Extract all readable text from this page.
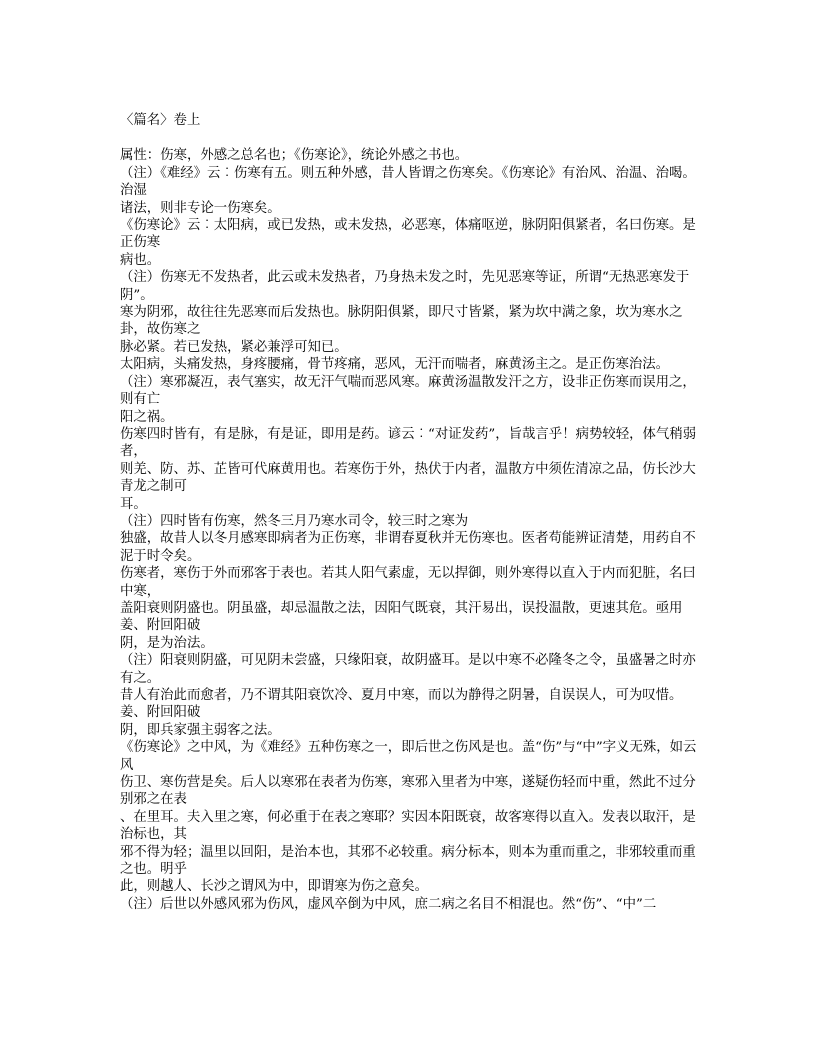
〈篇名〉卷上

属性：伤寒，外感之总名也；《伤寒论》，统论外感之书也。

（注）《难经》云︰伤寒有五。则五种外感，昔人皆谓之伤寒矣。《伤寒论》有治风、治温、治喝。治湿

诸法，则非专论一伤寒矣。

《伤寒论》云︰太阳病，或已发热，或未发热，必恶寒，体痛呕逆，脉阴阳俱紧者，名曰伤寒。是正伤寒

病也。

（注）伤寒无不发热者，此云或未发热者，乃身热未发之时，先见恶寒等证，所谓“无热恶寒发于阴”。

寒为阴邪，故往往先恶寒而后发热也。脉阴阳俱紧，即尺寸皆紧，紧为坎中满之象，坎为寒水之卦，故伤寒之

脉必紧。若已发热，紧必兼浮可知已。

太阳病，头痛发热，身疼腰痛，骨节疼痛，恶风，无汗而喘者，麻黄汤主之。是正伤寒治法。

（注）寒邪凝冱，表气塞实，故无汗气喘而恶风寒。麻黄汤温散发汗之方，设非正伤寒而误用之，则有亡

阳之祸。

伤寒四时皆有，有是脉，有是证，即用是药。谚云︰“对证发药”，旨哉言乎！病势较轻，体气稍弱者，

则羌、防、苏、芷皆可代麻黄用也。若寒伤于外，热伏于内者，温散方中须佐清凉之品，仿长沙大青龙之制可

耳。

（注）四时皆有伤寒，然冬三月乃寒水司令，较三时之寒为

独盛，故昔人以冬月感寒即病者为正伤寒，非谓春夏秋并无伤寒也。医者苟能辨证清楚，用药自不泥于时令矣。

伤寒者，寒伤于外而邪客于表也。若其人阳气素虚，无以捍御，则外寒得以直入于内而犯脏，名曰中寒，

盖阳衰则阴盛也。阴虽盛，却忌温散之法，因阳气既衰，其汗易出，误投温散，更速其危。亟用姜、附回阳破

阴，是为治法。

（注）阳衰则阴盛，可见阴未尝盛，只缘阳衰，故阴盛耳。是以中寒不必隆冬之令，虽盛暑之时亦有之。

昔人有治此而愈者，乃不谓其阳衰饮冷、夏月中寒，而以为静得之阴暑，自误误人，可为叹惜。姜、附回阳破

阴，即兵家强主弱客之法。

《伤寒论》之中风，为《难经》五种伤寒之一，即后世之伤风是也。盖“伤”与“中”字义无殊，如云风

伤卫、寒伤营是矣。后人以寒邪在表者为伤寒，寒邪入里者为中寒，遂疑伤轻而中重，然此不过分别邪之在表

、在里耳。夫入里之寒，何必重于在表之寒耶？实因本阳既衰，故客寒得以直入。发表以取汗，是治标也，其

邪不得为轻；温里以回阳，是治本也，其邪不必较重。病分标本，则本为重而重之，非邪较重而重之也。明乎

此，则越人、长沙之谓风为中，即谓寒为伤之意矣。

（注）后世以外感风邪为伤风，虚风卒倒为中风，庶二病之名目不相混也。然“伤”、“中”二
